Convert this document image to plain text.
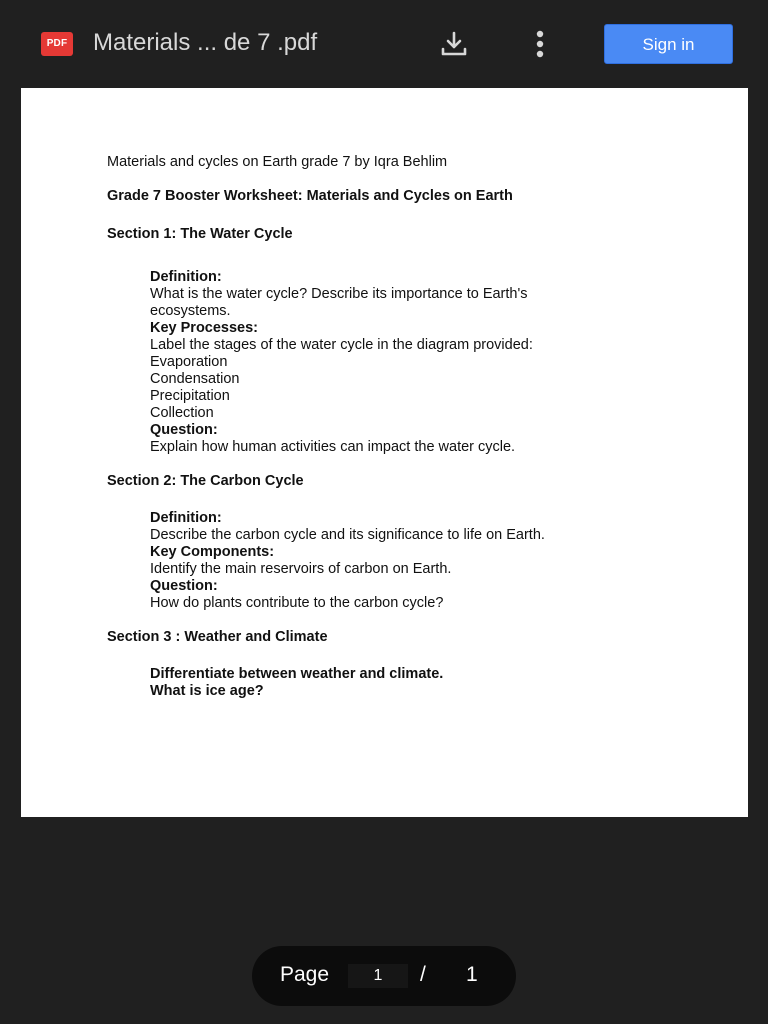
PDF Materials ... de 7 .pdf	Sign in
Materials and cycles on Earth grade 7 by Iqra Behlim
Grade 7 Booster Worksheet: Materials and Cycles on Earth
Section 1: The Water Cycle
Definition:
What is the water cycle? Describe its importance to Earth's
ecosystems.
Key Processes:
Label the stages of the water cycle in the diagram provided:
Evaporation
Condensation
Precipitation
Collection
Question:
Explain how human activities can impact the water cycle.
Section 2: The Carbon Cycle
Definition:
Describe the carbon cycle and its significance to life on Earth.
Key Components:
Identify the main reservoirs of carbon on Earth.
Question:
How do plants contribute to the carbon cycle?
Section 3 : Weather and Climate
Differentiate between weather and climate.
What is ice age?
Page
1	/ 1
